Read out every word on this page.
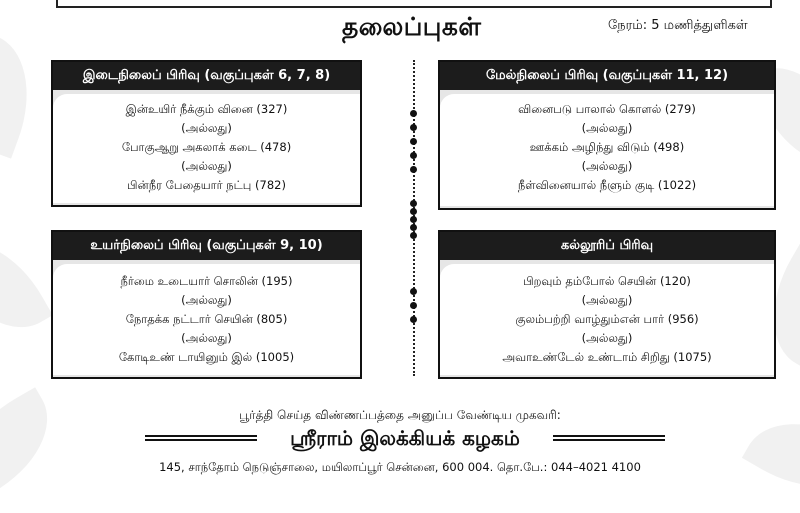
தலைப்புகள்	நேரம்: 5 மணித்துளிகள்
இடைநிலைப் பிரிவு (வகுப்புகள் 6, 7, 8)
இன்உயிர் நீக்கும் வினை (327)
(அல்லது)
போகுஆறு அகலாக் கடை (478)
(அல்லது)
பின்நீர பேதையார் நட்பு (782)
மேல்நிலைப் பிரிவு (வகுப்புகள் 11, 12)
வினைபடு பாலால் கொளல் (279)
(அல்லது)
ஊக்கம் அழிந்து விடும் (498)
(அல்லது)
நீள்வினையால் நீளும் குடி (1022)
உயர்நிலைப் பிரிவு (வகுப்புகள் 9, 10)
நீர்மை உடையார் சொலின் (195)
(அல்லது)
நோதக்க நட்டார் செயின் (805)
(அல்லது)
கோடிஉண் டாயினும் இல் (1005)
கல்லூரிப் பிரிவு
பிறவும் தம்போல் செயின் (120)
(அல்லது)
குலம்பற்றி வாழ்தும்என் பார் (956)
(அல்லது)
அவாஉண்டேல் உண்டாம் சிறிது (1075)
பூர்த்தி செய்த விண்ணப்பத்தை அனுப்ப வேண்டிய முகவரி:
ஸ்ரீராம் இலக்கியக் கழகம்
145, சாந்தோம் நெடுஞ்சாலை, மயிலாப்பூர் சென்னை, 600 004. தொ.பே.: 044–4021 4100
